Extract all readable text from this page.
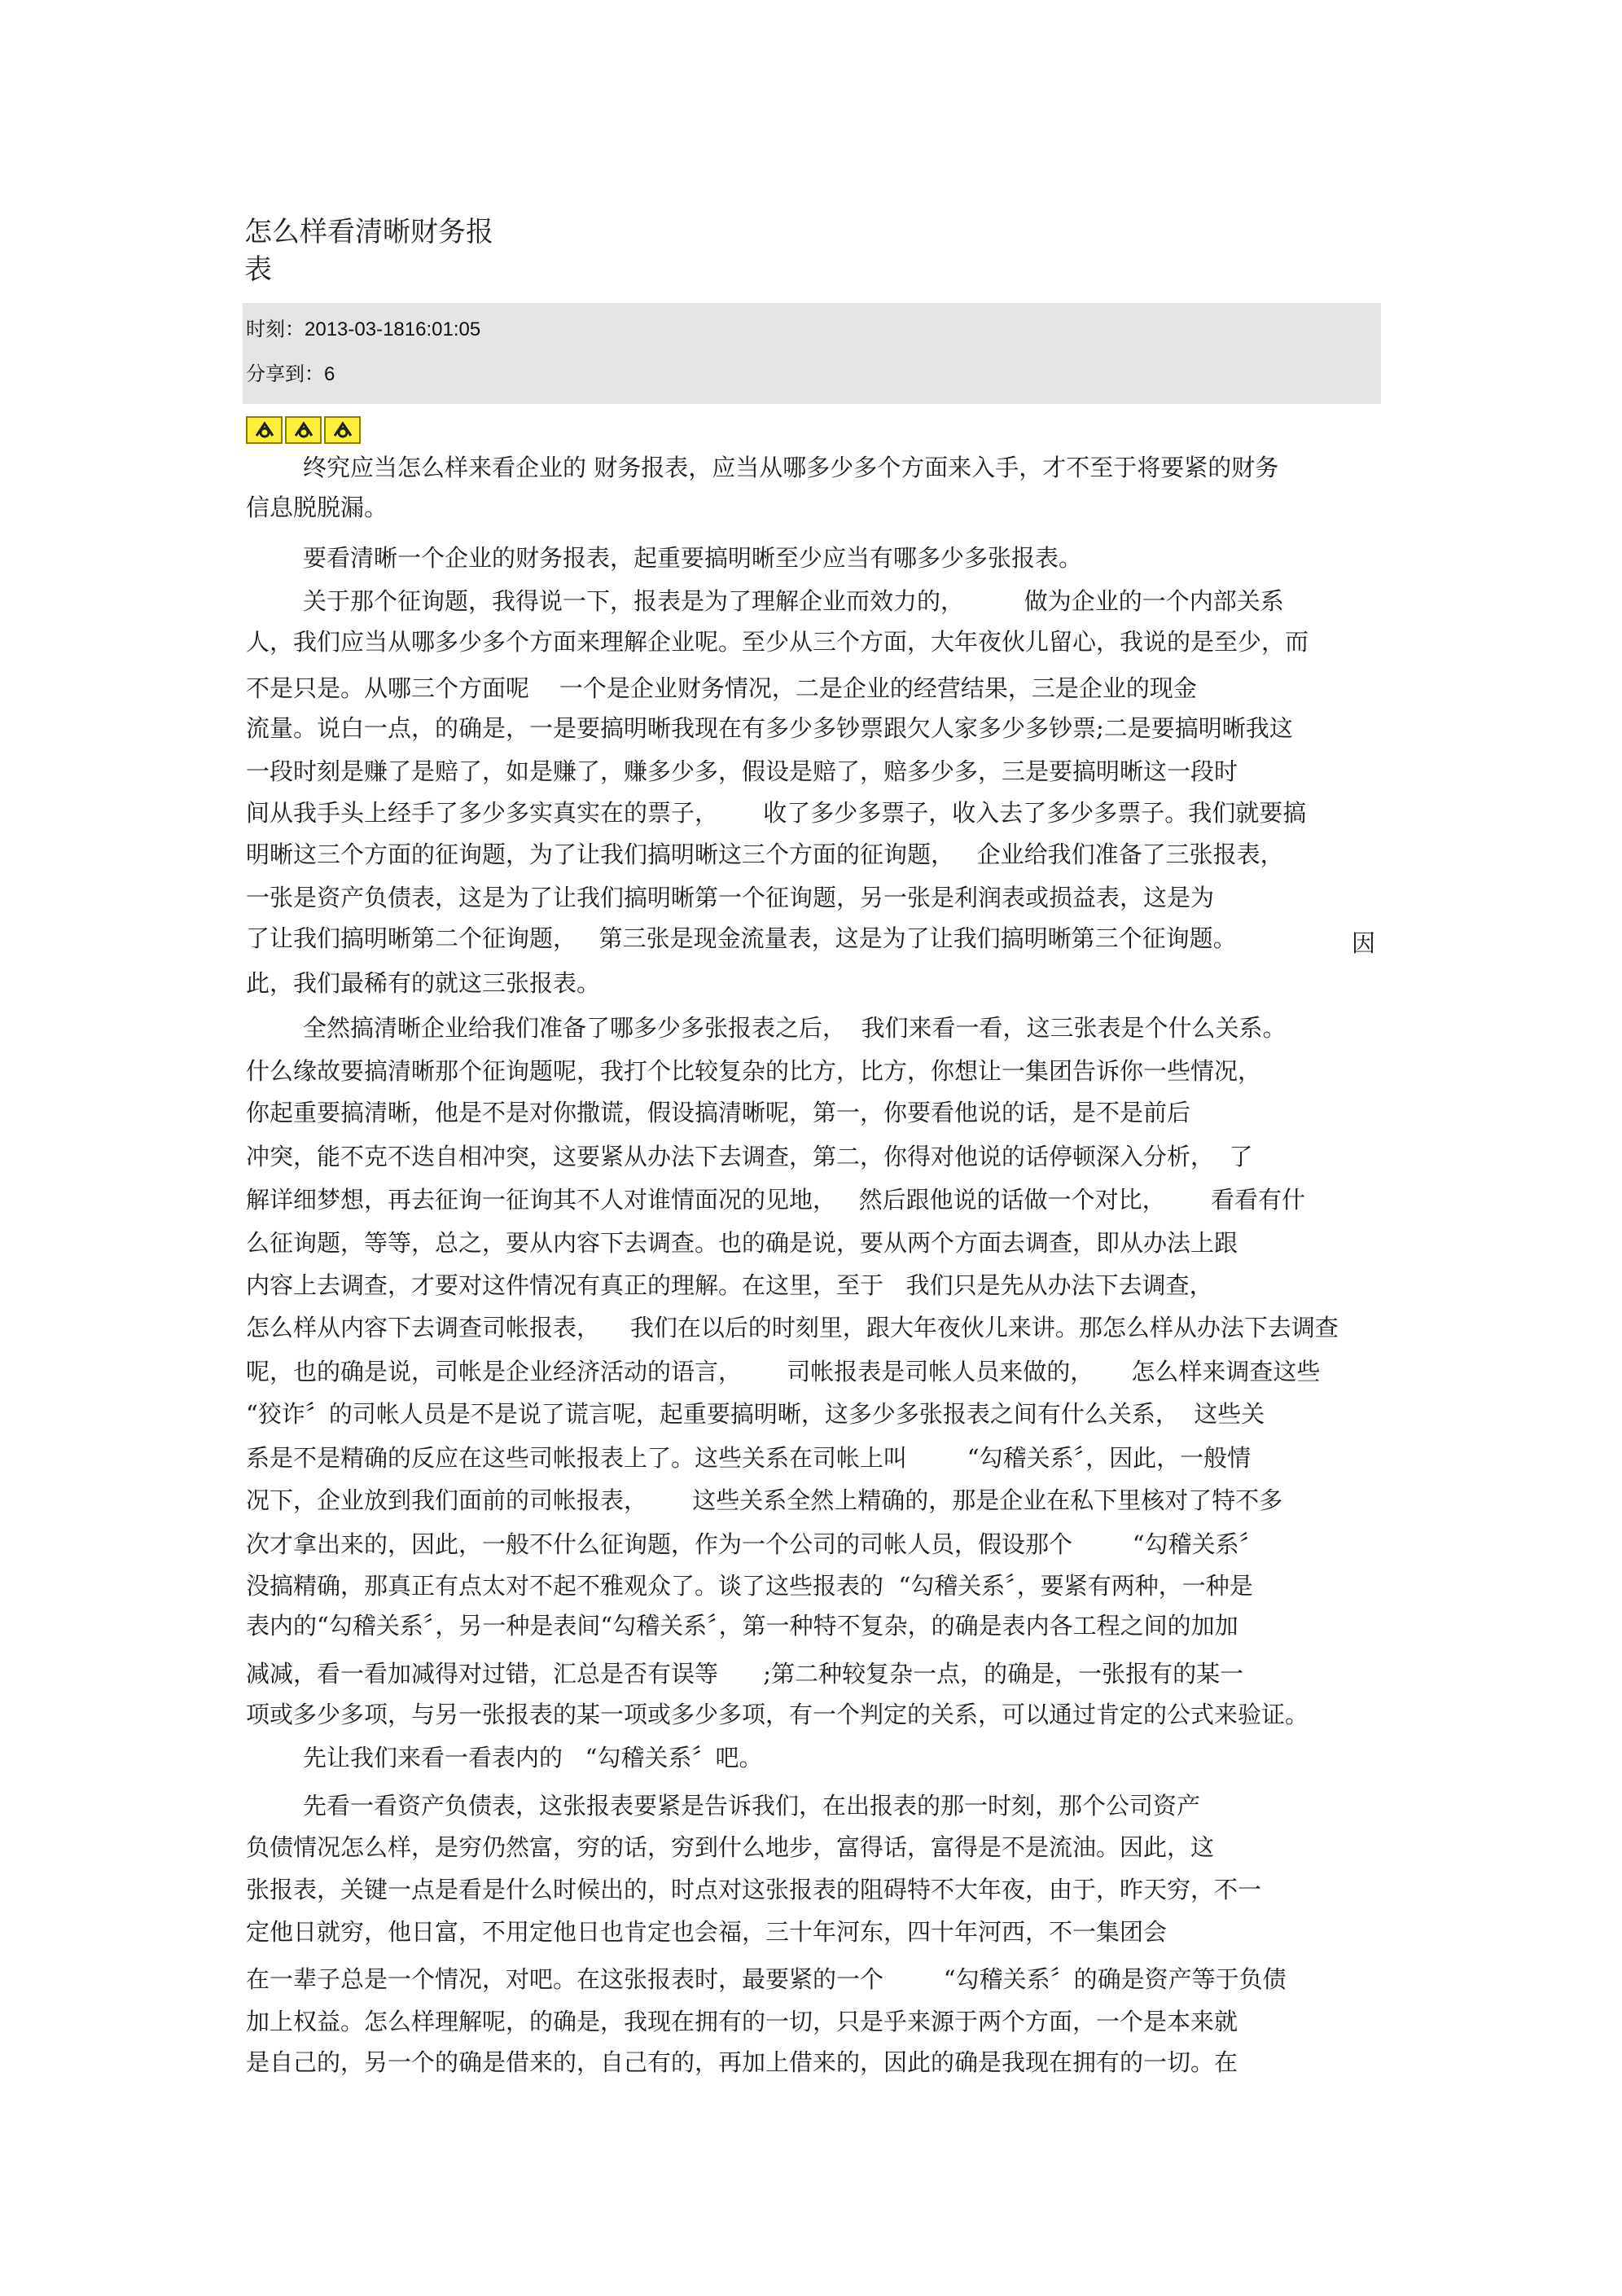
怎么样看清晰财务报
表
时刻：2013-03-1816:01:05
分享到：6
终究应当怎么样来看企业的 财务报表，应当从哪多少多个方面来入手，才不至于将要紧的财务
信息脱脱漏。
要看清晰一个企业的财务报表，起重要搞明晰至少应当有哪多少多张报表。
关于那个征询题，我得说一下，报表是为了理解企业而效力的，        做为企业的一个内部关系
人，我们应当从哪多少多个方面来理解企业呢。至少从三个方面，大年夜伙儿留心，我说的是至少，而
不是只是。从哪三个方面呢    一个是企业财务情况，二是企业的经营结果，三是企业的现金
流量。说白一点，的确是，一是要搞明晰我现在有多少多钞票跟欠人家多少多钞票;二是要搞明晰我这
一段时刻是赚了是赔了，如是赚了，赚多少多，假设是赔了，赔多少多，三是要搞明晰这一段时
间从我手头上经手了多少多实真实在的票子，      收了多少多票子，收入去了多少多票子。我们就要搞
明晰这三个方面的征询题，为了让我们搞明晰这三个方面的征询题，   企业给我们准备了三张报表，
一张是资产负债表，这是为了让我们搞明晰第一个征询题，另一张是利润表或损益表，这是为
了让我们搞明晰第二个征询题，   第三张是现金流量表，这是为了让我们搞明晰第三个征询题。	因
此，我们最稀有的就这三张报表。
全然搞清晰企业给我们准备了哪多少多张报表之后，  我们来看一看，这三张表是个什么关系。
什么缘故要搞清晰那个征询题呢，我打个比较复杂的比方，比方，你想让一集团告诉你一些情况，
你起重要搞清晰，他是不是对你撒谎，假设搞清晰呢，第一，你要看他说的话，是不是前后
冲突，能不克不迭自相冲突，这要紧从办法下去调查，第二，你得对他说的话停顿深入分析，  了
解详细梦想，再去征询一征询其不人对谁情面况的见地，   然后跟他说的话做一个对比，      看看有什
么征询题，等等，总之，要从内容下去调查。也的确是说，要从两个方面去调查，即从办法上跟
内容上去调查，才要对这件情况有真正的理解。在这里，至于   我们只是先从办法下去调查，
怎么样从内容下去调查司帐报表，    我们在以后的时刻里，跟大年夜伙儿来讲。那怎么样从办法下去调查
呢，也的确是说，司帐是企业经济活动的语言，      司帐报表是司帐人员来做的，     怎么样来调查这些
“狡诈〞的司帐人员是不是说了谎言呢，起重要搞明晰，这多少多张报表之间有什么关系，  这些关
系是不是精确的反应在这些司帐报表上了。这些关系在司帐上叫        “勾稽关系〞，因此，一般情
况下，企业放到我们面前的司帐报表，      这些关系全然上精确的，那是企业在私下里核对了特不多
次才拿出来的，因此，一般不什么征询题，作为一个公司的司帐人员，假设那个        “勾稽关系〞
没搞精确，那真正有点太对不起不雅观众了。谈了这些报表的  “勾稽关系〞，要紧有两种，一种是
表内的“勾稽关系〞，另一种是表间“勾稽关系〞，第一种特不复杂，的确是表内各工程之间的加加
减减，看一看加减得对过错，汇总是否有误等      ;第二种较复杂一点，的确是，一张报有的某一
项或多少多项，与另一张报表的某一项或多少多项，有一个判定的关系，可以通过肯定的公式来验证。
先让我们来看一看表内的   “勾稽关系〞吧。
先看一看资产负债表，这张报表要紧是告诉我们，在出报表的那一时刻，那个公司资产
负债情况怎么样，是穷仍然富，穷的话，穷到什么地步，富得话，富得是不是流油。因此，这
张报表，关键一点是看是什么时候出的，时点对这张报表的阻碍特不大年夜，由于，昨天穷，不一
定他日就穷，他日富，不用定他日也肯定也会福，三十年河东，四十年河西，不一集团会
在一辈子总是一个情况，对吧。在这张报表时，最要紧的一个        “勾稽关系〞的确是资产等于负债
加上权益。怎么样理解呢，的确是，我现在拥有的一切，只是乎来源于两个方面，一个是本来就
是自己的，另一个的确是借来的，自己有的，再加上借来的，因此的确是我现在拥有的一切。在
